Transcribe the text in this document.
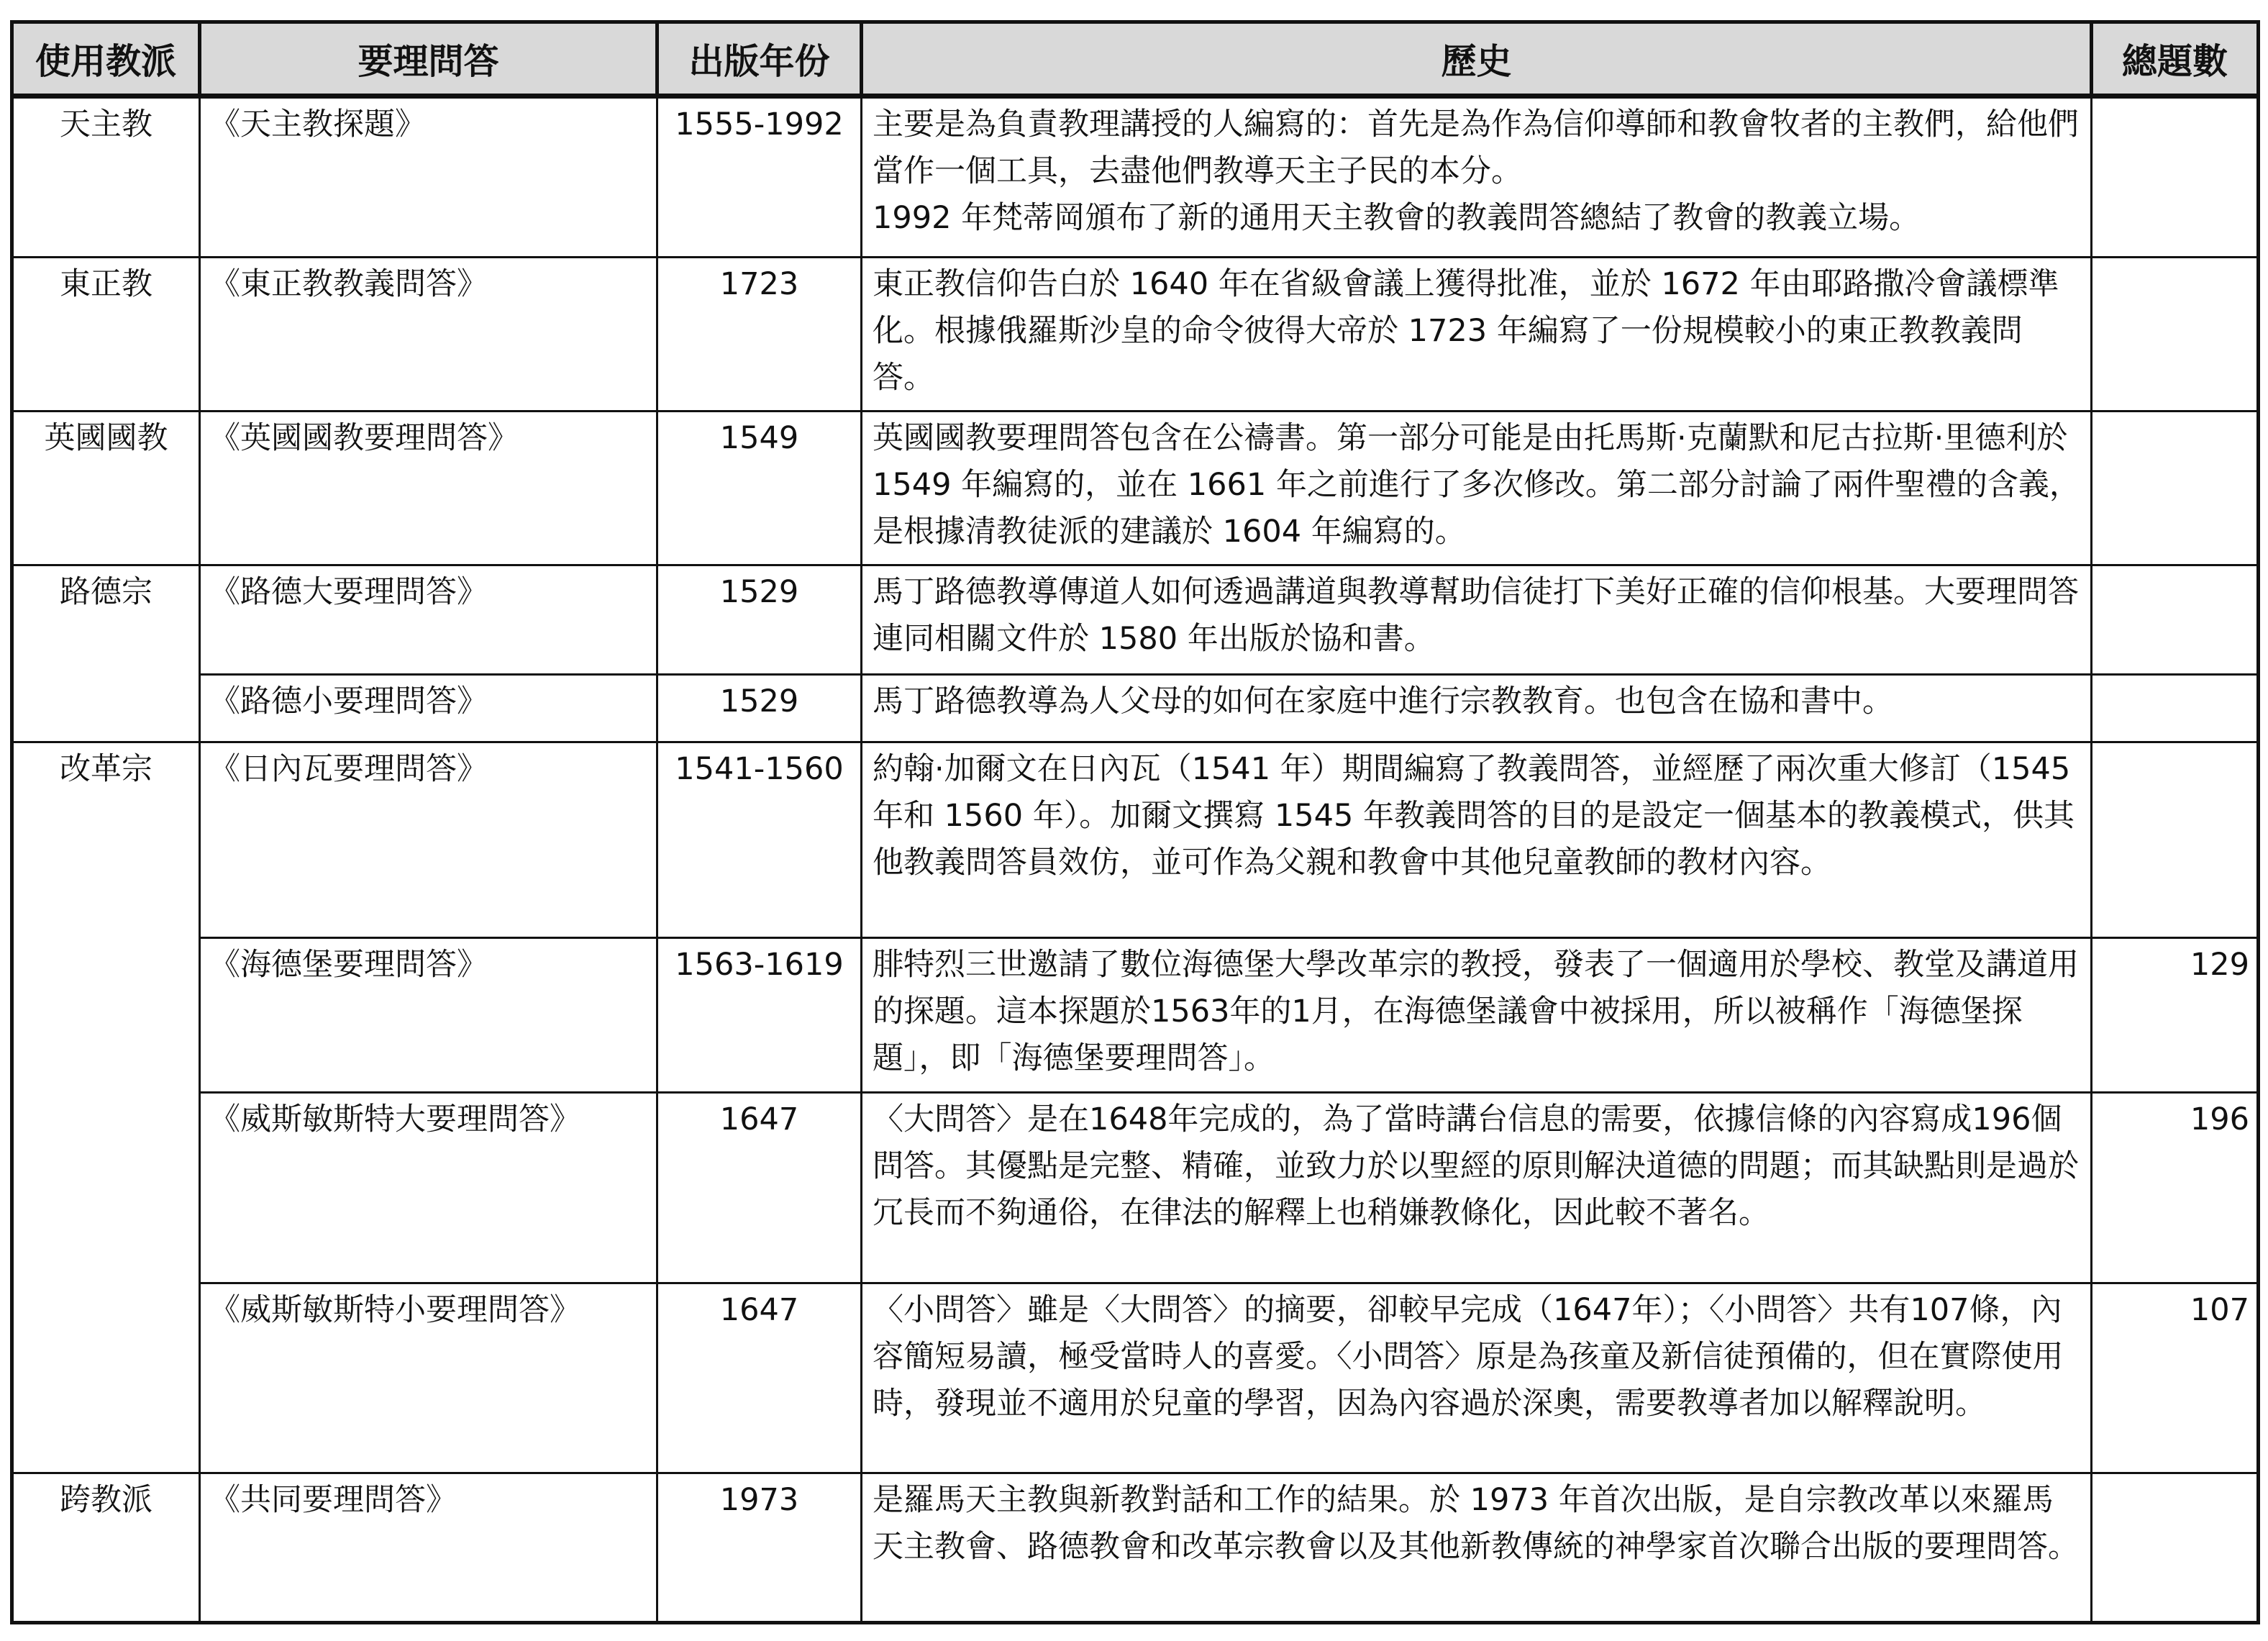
使用教派	要理問答	出版年份	歷史	總題數
天主教	《天主教探題》	1555-1992	主要是為負責教理講授的人編寫的：首先是為作為信仰導師和教會牧者的主教們，給他們當作一個工具，去盡他們教導天主子民的本分。
1992 年梵蒂岡頒布了新的通用天主教會的教義問答總結了教會的教義立場。	

東正教	《東正教教義問答》	1723	東正教信仰告白於 1640 年在省級會議上獲得批准，並於 1672 年由耶路撒冷會議標準化。根據俄羅斯沙皇的命令彼得大帝於 1723 年編寫了一份規模較小的東正教教義問答。	

英國國教	《英國國教要理問答》	1549	英國國教要理問答包含在公禱書。第一部分可能是由托馬斯·克蘭默和尼古拉斯·里德利於 1549 年編寫的，並在 1661 年之前進行了多次修改。第二部分討論了兩件聖禮的含義，是根據清教徒派的建議於 1604 年編寫的。	

路德宗	《路德大要理問答》	1529	馬丁路德教導傳道人如何透過講道與教導幫助信徒打下美好正確的信仰根基。大要理問答連同相關文件於 1580 年出版於協和書。	

	《路德小要理問答》	1529	馬丁路德教導為人父母的如何在家庭中進行宗教教育。也包含在協和書中。	

改革宗	《日內瓦要理問答》	1541-1560	約翰·加爾文在日內瓦（1541 年）期間編寫了教義問答，並經歷了兩次重大修訂（1545 年和 1560 年）。加爾文撰寫 1545 年教義問答的目的是設定一個基本的教義模式，供其他教義問答員效仿，並可作為父親和教會中其他兒童教師的教材內容。	

	《海德堡要理問答》	1563-1619	腓特烈三世邀請了數位海德堡大學改革宗的教授，發表了一個適用於學校、教堂及講道用的探題。這本探題於1563年的1月，在海德堡議會中被採用，所以被稱作「海德堡探題」，即「海德堡要理問答」。	129
	《威斯敏斯特大要理問答》	1647	〈大問答〉是在1648年完成的，為了當時講台信息的需要，依據信條的內容寫成196個問答。其優點是完整、精確，並致力於以聖經的原則解決道德的問題；而其缺點則是過於冗長而不夠通俗，在律法的解釋上也稍嫌教條化，因此較不著名。	196
	《威斯敏斯特小要理問答》	1647	〈小問答〉雖是〈大問答〉的摘要，卻較早完成（1647年）；〈小問答〉共有107條，內容簡短易讀，極受當時人的喜愛。〈小問答〉原是為孩童及新信徒預備的，但在實際使用時，發現並不適用於兒童的學習，因為內容過於深奧，需要教導者加以解釋說明。	107
跨教派	《共同要理問答》	1973	是羅馬天主教與新教對話和工作的結果。於 1973 年首次出版，是自宗教改革以來羅馬天主教會、路德教會和改革宗教會以及其他新教傳統的神學家首次聯合出版的要理問答。	
